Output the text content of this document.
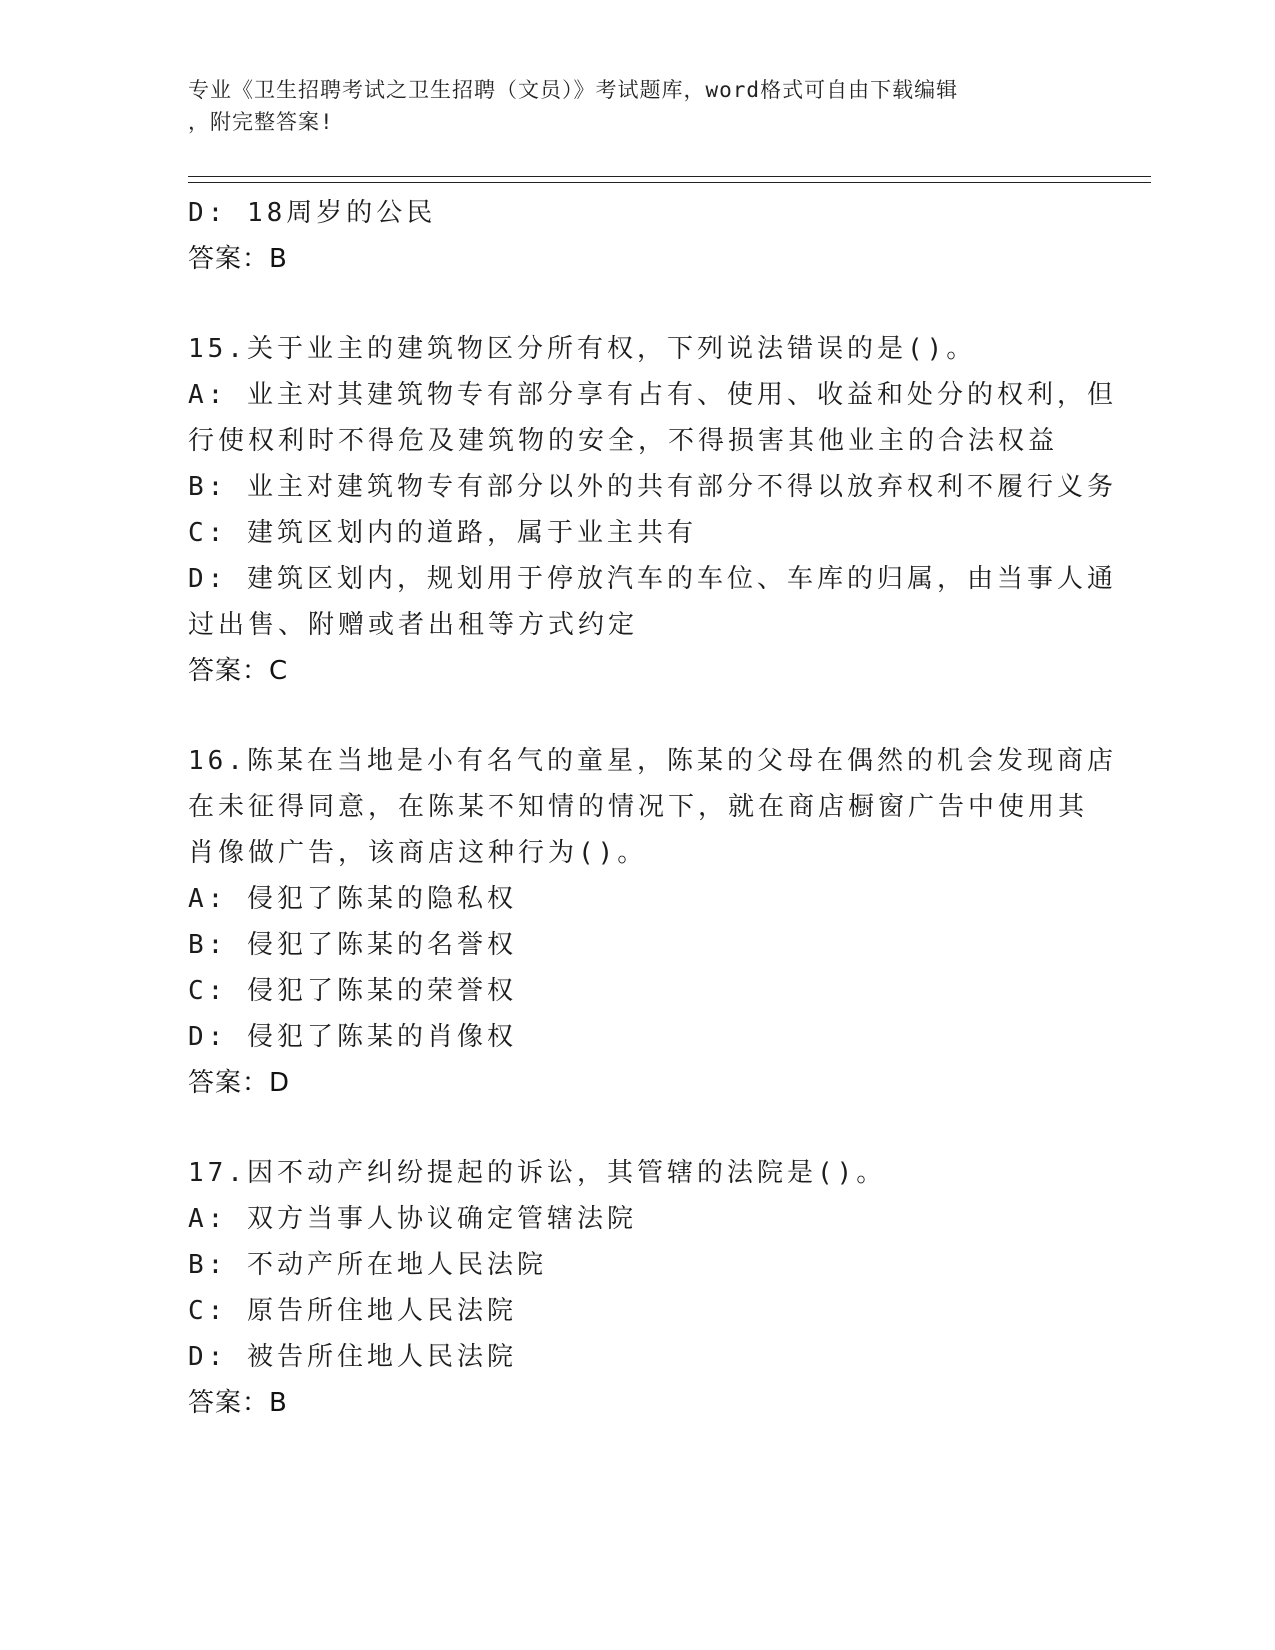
专业《卫生招聘考试之卫生招聘（文员）》考试题库，word格式可自由下载编辑
，附完整答案!
D: 18周岁的公民
答案：B
15.关于业主的建筑物区分所有权，下列说法错误的是()。
A: 业主对其建筑物专有部分享有占有、使用、收益和处分的权利，但
行使权利时不得危及建筑物的安全，不得损害其他业主的合法权益
B: 业主对建筑物专有部分以外的共有部分不得以放弃权利不履行义务
C: 建筑区划内的道路，属于业主共有
D: 建筑区划内，规划用于停放汽车的车位、车库的归属，由当事人通
过出售、附赠或者出租等方式约定
答案：C
16.陈某在当地是小有名气的童星，陈某的父母在偶然的机会发现商店
在未征得同意，在陈某不知情的情况下，就在商店橱窗广告中使用其
肖像做广告，该商店这种行为()。
A: 侵犯了陈某的隐私权
B: 侵犯了陈某的名誉权
C: 侵犯了陈某的荣誉权
D: 侵犯了陈某的肖像权
答案：D
17.因不动产纠纷提起的诉讼，其管辖的法院是()。
A: 双方当事人协议确定管辖法院
B: 不动产所在地人民法院
C: 原告所住地人民法院
D: 被告所住地人民法院
答案：B
